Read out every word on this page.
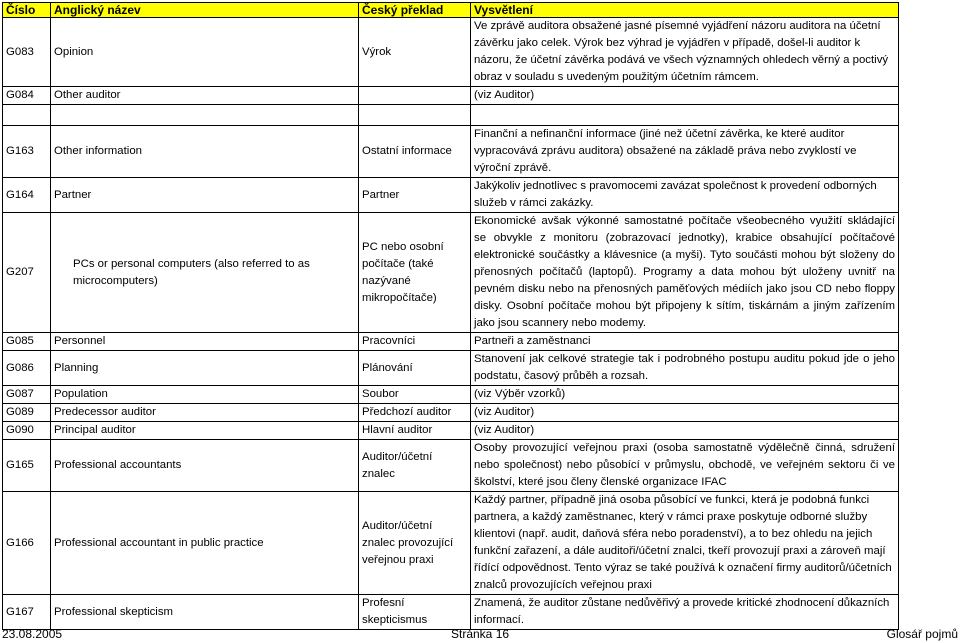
Číslo	Anglický název	Český překlad	Vysvětlení
G083	Opinion	Výrok	Ve zprávě auditora obsažené jasné písemné vyjádření názoru auditora na účetní závěrku jako celek. Výrok bez výhrad je vyjádřen v případě, došel-li auditor k názoru, že účetní závěrka podává ve všech významných ohledech věrný a poctivý obraz v souladu s uvedeným použitým účetním rámcem.
G084	Other auditor		(viz Auditor)

G163	Other information	Ostatní informace	Finanční a nefinanční informace (jiné než účetní závěrka, ke které auditor vypracovává zprávu auditora) obsažené na základě práva nebo zvyklostí ve výroční zprávě.
G164	Partner	Partner	Jakýkoliv jednotlivec s pravomocemi zavázat společnost k provedení odborných služeb v rámci zakázky.
G207	PCs or personal computers (also referred to as microcomputers)	PC nebo osobní počítače (také nazývané mikropočítače)	Ekonomické avšak výkonné samostatné počítače všeobecného využití skládající se obvykle z monitoru (zobrazovací jednotky), krabice obsahující počítačové elektronické součástky a klávesnice (a myši). Tyto součásti mohou být složeny do přenosných počítačů (laptopů). Programy a data mohou být uloženy uvnitř na pevném disku nebo na přenosných paměťových médiích jako jsou CD nebo floppy disky. Osobní počítače mohou být připojeny k sítím, tiskárnám a jiným zařízením jako jsou scannery nebo modemy.
G085	Personnel	Pracovníci	Partneři a zaměstnanci
G086	Planning	Plánování	Stanovení jak celkové strategie tak i podrobného postupu auditu pokud jde o jeho podstatu, časový průběh a rozsah.
G087	Population	Soubor	(viz Výběr vzorků)
G089	Predecessor auditor	Předchozí auditor	(viz Auditor)
G090	Principal auditor	Hlavní auditor	(viz Auditor)
G165	Professional accountants	Auditor/účetní znalec	Osoby provozující veřejnou praxi (osoba samostatně výdělečně činná, sdružení nebo společnost) nebo působící v průmyslu, obchodě, ve veřejném sektoru či ve školství, které jsou členy členské organizace IFAC
G166	Professional accountant in public practice	Auditor/účetní znalec provozující veřejnou praxi	Každý partner, případně jiná osoba působící ve funkci, která je podobná funkci partnera, a každý zaměstnanec, který v rámci praxe poskytuje odborné služby klientovi (např. audit, daňová sféra nebo poradenství), a to bez ohledu na jejich funkční zařazení, a dále auditoři/účetní znalci, tkeří provozují praxi a zároveň mají řídící odpovědnost. Tento výraz se také používá k označení firmy auditorů/účetních znalců provozujících veřejnou praxi
G167	Professional skepticism	Profesní skepticismus	Znamená, že auditor zůstane nedůvěřivý a provede kritické zhodnocení důkazních informací.
23.08.2005	Stránka 16	Glosář pojmů
